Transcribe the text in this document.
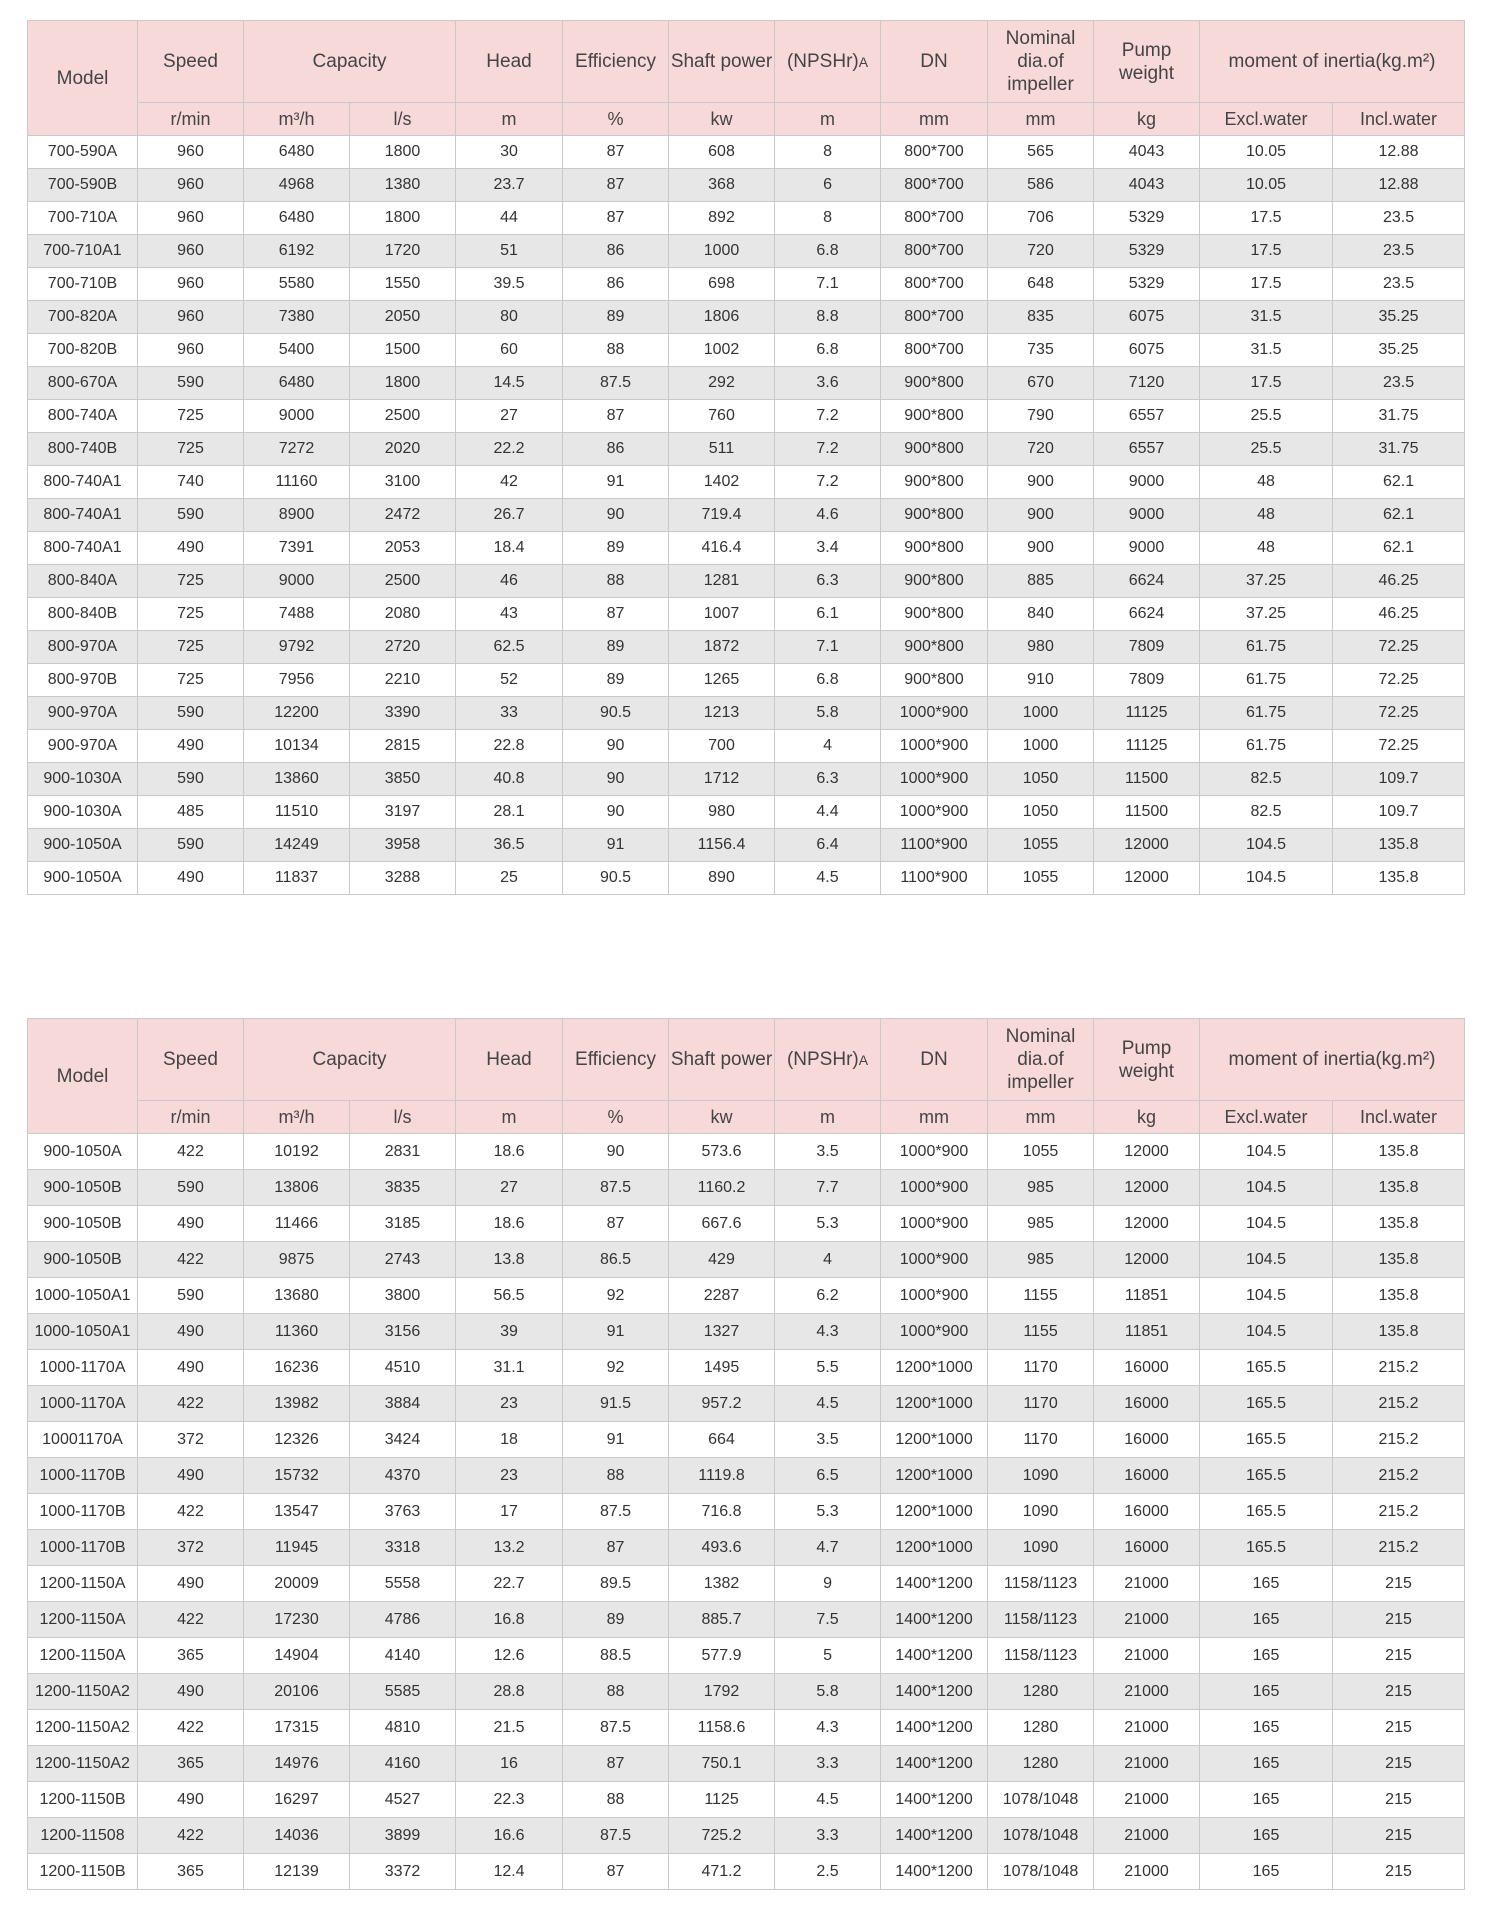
Model	Speed	Capacity		Head	Efficiency	Shaft power	(NPSHr)A	DN	Nominal dia.of impeller	Pump weight	moment of inertia(kg.m²)	
	r/min	m³/h	l/s	m	%	kw	m	mm	mm	kg	Excl.water	Incl.water
700-590A	960	6480	1800	30	87	608	8	800*700	565	4043	10.05	12.88
700-590B	960	4968	1380	23.7	87	368	6	800*700	586	4043	10.05	12.88
700-710A	960	6480	1800	44	87	892	8	800*700	706	5329	17.5	23.5
700-710A1	960	6192	1720	51	86	1000	6.8	800*700	720	5329	17.5	23.5
700-710B	960	5580	1550	39.5	86	698	7.1	800*700	648	5329	17.5	23.5
700-820A	960	7380	2050	80	89	1806	8.8	800*700	835	6075	31.5	35.25
700-820B	960	5400	1500	60	88	1002	6.8	800*700	735	6075	31.5	35.25
800-670A	590	6480	1800	14.5	87.5	292	3.6	900*800	670	7120	17.5	23.5
800-740A	725	9000	2500	27	87	760	7.2	900*800	790	6557	25.5	31.75
800-740B	725	7272	2020	22.2	86	511	7.2	900*800	720	6557	25.5	31.75
800-740A1	740	11160	3100	42	91	1402	7.2	900*800	900	9000	48	62.1
800-740A1	590	8900	2472	26.7	90	719.4	4.6	900*800	900	9000	48	62.1
800-740A1	490	7391	2053	18.4	89	416.4	3.4	900*800	900	9000	48	62.1
800-840A	725	9000	2500	46	88	1281	6.3	900*800	885	6624	37.25	46.25
800-840B	725	7488	2080	43	87	1007	6.1	900*800	840	6624	37.25	46.25
800-970A	725	9792	2720	62.5	89	1872	7.1	900*800	980	7809	61.75	72.25
800-970B	725	7956	2210	52	89	1265	6.8	900*800	910	7809	61.75	72.25
900-970A	590	12200	3390	33	90.5	1213	5.8	1000*900	1000	11125	61.75	72.25
900-970A	490	10134	2815	22.8	90	700	4	1000*900	1000	11125	61.75	72.25
900-1030A	590	13860	3850	40.8	90	1712	6.3	1000*900	1050	11500	82.5	109.7
900-1030A	485	11510	3197	28.1	90	980	4.4	1000*900	1050	11500	82.5	109.7
900-1050A	590	14249	3958	36.5	91	1156.4	6.4	1100*900	1055	12000	104.5	135.8
900-1050A	490	11837	3288	25	90.5	890	4.5	1100*900	1055	12000	104.5	135.8
Model	Speed	Capacity		Head	Efficiency	Shaft power	(NPSHr)A	DN	Nominal dia.of impeller	Pump weight	moment of inertia(kg.m²)	
	r/min	m³/h	l/s	m	%	kw	m	mm	mm	kg	Excl.water	Incl.water
900-1050A	422	10192	2831	18.6	90	573.6	3.5	1000*900	1055	12000	104.5	135.8
900-1050B	590	13806	3835	27	87.5	1160.2	7.7	1000*900	985	12000	104.5	135.8
900-1050B	490	11466	3185	18.6	87	667.6	5.3	1000*900	985	12000	104.5	135.8
900-1050B	422	9875	2743	13.8	86.5	429	4	1000*900	985	12000	104.5	135.8
1000-1050A1	590	13680	3800	56.5	92	2287	6.2	1000*900	1155	11851	104.5	135.8
1000-1050A1	490	11360	3156	39	91	1327	4.3	1000*900	1155	11851	104.5	135.8
1000-1170A	490	16236	4510	31.1	92	1495	5.5	1200*1000	1170	16000	165.5	215.2
1000-1170A	422	13982	3884	23	91.5	957.2	4.5	1200*1000	1170	16000	165.5	215.2
10001170A	372	12326	3424	18	91	664	3.5	1200*1000	1170	16000	165.5	215.2
1000-1170B	490	15732	4370	23	88	1119.8	6.5	1200*1000	1090	16000	165.5	215.2
1000-1170B	422	13547	3763	17	87.5	716.8	5.3	1200*1000	1090	16000	165.5	215.2
1000-1170B	372	11945	3318	13.2	87	493.6	4.7	1200*1000	1090	16000	165.5	215.2
1200-1150A	490	20009	5558	22.7	89.5	1382	9	1400*1200	1158/1123	21000	165	215
1200-1150A	422	17230	4786	16.8	89	885.7	7.5	1400*1200	1158/1123	21000	165	215
1200-1150A	365	14904	4140	12.6	88.5	577.9	5	1400*1200	1158/1123	21000	165	215
1200-1150A2	490	20106	5585	28.8	88	1792	5.8	1400*1200	1280	21000	165	215
1200-1150A2	422	17315	4810	21.5	87.5	1158.6	4.3	1400*1200	1280	21000	165	215
1200-1150A2	365	14976	4160	16	87	750.1	3.3	1400*1200	1280	21000	165	215
1200-1150B	490	16297	4527	22.3	88	1125	4.5	1400*1200	1078/1048	21000	165	215
1200-11508	422	14036	3899	16.6	87.5	725.2	3.3	1400*1200	1078/1048	21000	165	215
1200-1150B	365	12139	3372	12.4	87	471.2	2.5	1400*1200	1078/1048	21000	165	215
